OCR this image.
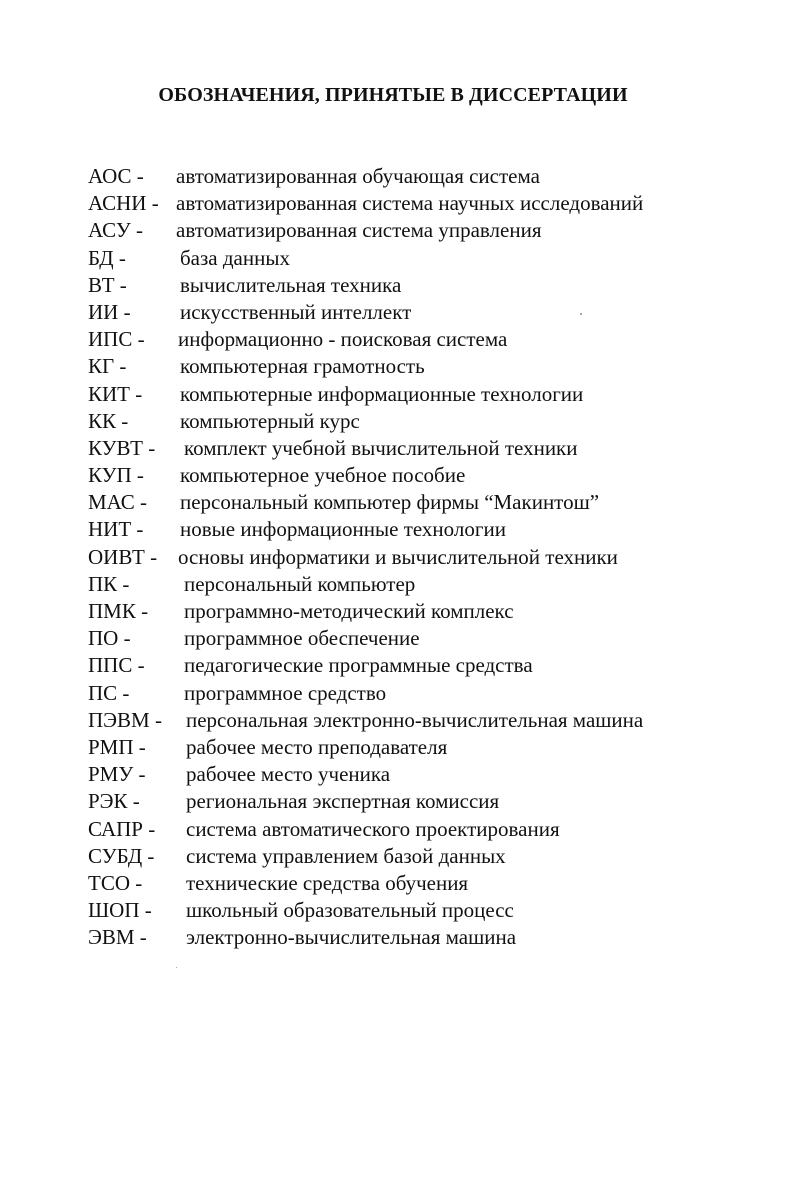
ОБОЗНАЧЕНИЯ, ПРИНЯТЫЕ В ДИССЕРТАЦИИ
АОС - автоматизированная обучающая система
АСНИ - автоматизированная система научных исследований
АСУ - автоматизированная система управления
БД -	база данных
ВТ -	вычислительная техника
ИИ - искусственный интеллект
ИПС - информационно - поисковая система
КГ -	компьютерная грамотность
КИТ - компьютерные информационные технологии
КК - компьютерный курс
КУВТ - комплект учебной вычислительной техники
КУП - компьютерное учебное пособие
МАС - персональный компьютер фирмы “Макинтош”
НИТ - новые информационные технологии
ОИВТ - основы информатики и вычислительной техники
ПК -	персональный компьютер
ПМК - программно-методический комплекс
ПО -	программное обеспечение
ППС - педагогические программные средства
ПС -	программное средство
ПЭВМ - персональная электронно-вычислительная машина
РМП - рабочее место преподавателя
РМУ - рабочее место ученика
РЭК - региональная экспертная комиссия
САПР - система автоматического проектирования
СУБД - система управлением базой данных
ТСО - технические средства обучения
ШОП - школьный образовательный процесс
ЭВМ - электронно-вычислительная машина
